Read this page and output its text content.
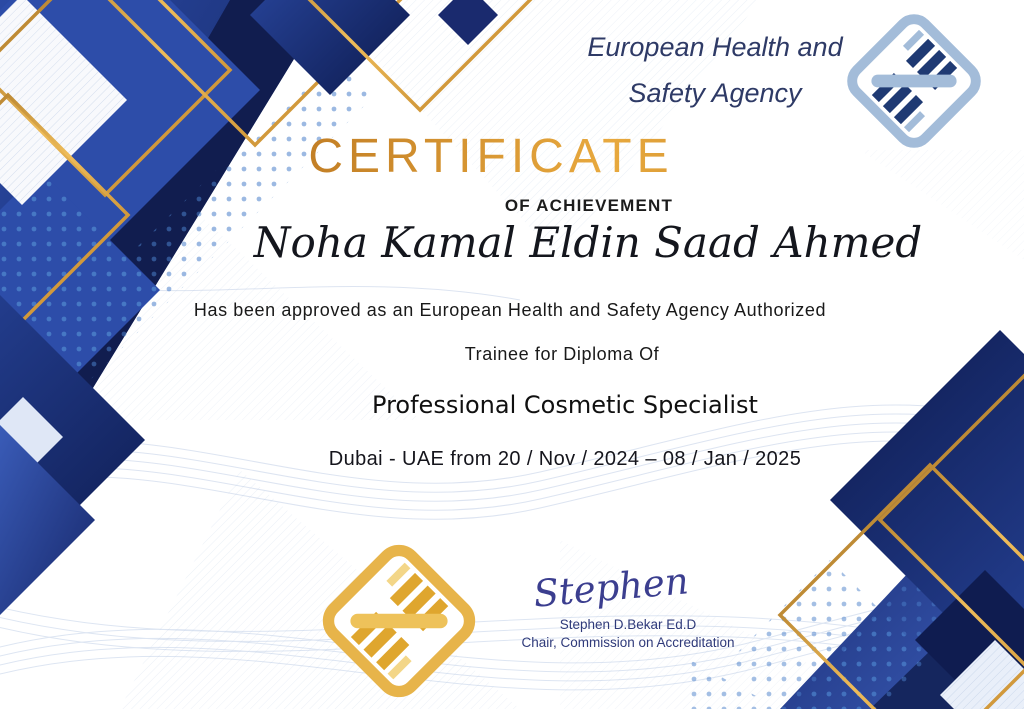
European Health and
Safety Agency
CERTIFICATE
OF ACHIEVEMENT
Noha Kamal Eldin Saad Ahmed
Has been approved as an European Health and Safety Agency Authorized
Trainee for Diploma Of
Professional Cosmetic Specialist
Dubai - UAE from 20 / Nov / 2024 – 08 / Jan / 2025
Stephen
Stephen D.Bekar Ed.D
Chair, Commission on Accreditation
